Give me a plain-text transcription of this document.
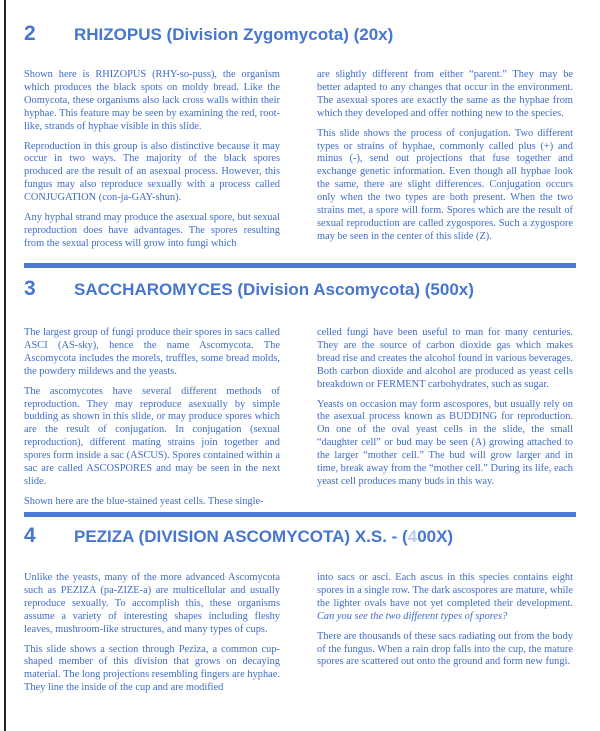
2 RHIZOPUS (Division Zygomycota) (20x)

Shown here is RHIZOPUS (RHY-so-puss), the organism which produces the black spots on moldy bread. Like the Oomycota, these organisms also lack cross walls within their hyphae. This feature may be seen by examining the red, root-like, strands of hyphae visible in this slide.

Reproduction in this group is also distinctive because it may occur in two ways. The majority of the black spores produced are the result of an asexual process. However, this fungus may also reproduce sexually with a process called CONJUGATION (con-ja-GAY-shun).

Any hyphal strand may produce the asexual spore, but sexual reproduction does have advantages. The spores resulting from the sexual process will grow into fungi which

are slightly different from either “parent.” They may be better adapted to any changes that occur in the environment. The asexual spores are exactly the same as the hyphae from which they developed and offer nothing new to the species.

This slide shows the process of conjugation. Two different types or strains of hyphae, commonly called plus (+) and minus (-), send out projections that fuse together and exchange genetic information. Even though all hyphae look the same, there are slight differences. Conjugation occurs only when the two types are both present. When the two strains met, a spore will form. Spores which are the result of sexual reproduction are called zygospores. Such a zygospore may be seen in the center of this slide (Z).

3 SACCHAROMYCES (Division Ascomycota) (500x)

The largest group of fungi produce their spores in sacs called ASCI (AS-sky), hence the name Ascomycota. The Ascomycota includes the morels, truffles, some bread molds, the powdery mildews and the yeasts.

The ascomycotes have several different methods of reproduction. They may reproduce asexually by simple budding as shown in this slide, or may produce spores which are the result of conjugation. In conjugation (sexual reproduction), different mating strains join together and spores form inside a sac (ASCUS). Spores contained within a sac are called ASCOSPORES and may be seen in the next slide.

Shown here are the blue-stained yeast cells. These single-

celled fungi have been useful to man for many centuries. They are the source of carbon dioxide gas which makes bread rise and creates the alcohol found in various beverages. Both carbon dioxide and alcohol are produced as yeast cells breakdown or FERMENT carbohydrates, such as sugar.

Yeasts on occasion may form ascospores, but usually rely on the asexual process known as BUDDING for reproduction. On one of the oval yeast cells in the slide, the small “daughter cell” or bud may be seen (A) growing attached to the larger “mother cell.” The bud will grow larger and in time, break away from the “mother cell.” During its life, each yeast cell produces many buds in this way.

4 PEZIZA (DIVISION ASCOMYCOTA) X.S. - (400X)

Unlike the yeasts, many of the more advanced Ascomycota such as PEZIZA (pa-ZIZE-a) are multicellular and usually reproduce sexually. To accomplish this, these organisms assume a variety of interesting shapes including fleshy leaves, mushroom-like structures, and many types of cups.

This slide shows a section through Peziza, a common cup-shaped member of this division that grows on decaying material. The long projections resembling fingers are hyphae. They line the inside of the cup and are modified

into sacs or asci. Each ascus in this species contains eight spores in a single row. The dark ascospores are mature, while the lighter ovals have not yet completed their development. Can you see the two different types of spores?

There are thousands of these sacs radiating out from the body of the fungus. When a rain drop falls into the cup, the mature spores are scattered out onto the ground and form new fungi.
